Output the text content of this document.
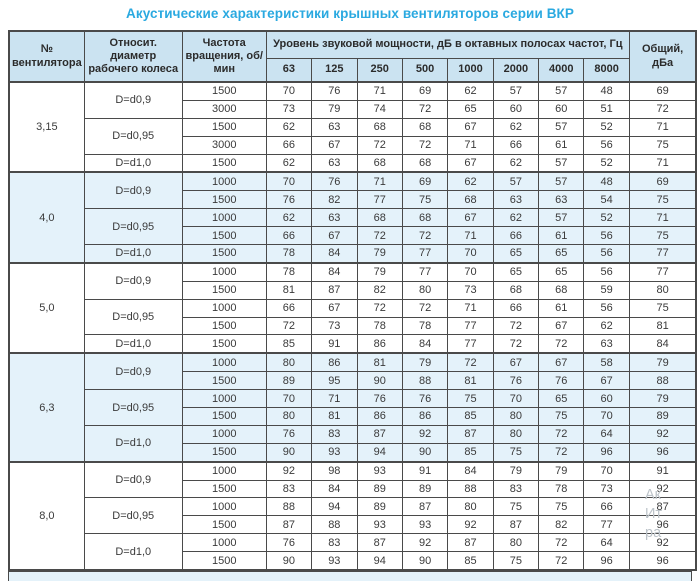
Акустические характеристики крышных вентиляторов серии ВКР
№ вентилятора	Относит. диаметр рабочего колеса	Частота вращения, об/мин	Уровень звуковой мощности, дБ в октавных полосах частот, Гц								Общий, дБа
			63	125	250	500	1000	2000	4000	8000	
3,15	D=d0,9	1500	70	76	71	69	62	57	57	48	69
		3000	73	79	74	72	65	60	60	51	72
	D=d0,95	1500	62	63	68	68	67	62	57	52	71
		3000	66	67	72	72	71	66	61	56	75
	D=d1,0	1500	62	63	68	68	67	62	57	52	71
4,0	D=d0,9	1000	70	76	71	69	62	57	57	48	69
		1500	76	82	77	75	68	63	63	54	75
	D=d0,95	1000	62	63	68	68	67	62	57	52	71
		1500	66	67	72	72	71	66	61	56	75
	D=d1,0	1500	78	84	79	77	70	65	65	56	77
5,0	D=d0,9	1000	78	84	79	77	70	65	65	56	77
		1500	81	87	82	80	73	68	68	59	80
	D=d0,95	1000	66	67	72	72	71	66	61	56	75
		1500	72	73	78	78	77	72	67	62	81
	D=d1,0	1500	85	91	86	84	77	72	72	63	84
6,3	D=d0,9	1000	80	86	81	79	72	67	67	58	79
		1500	89	95	90	88	81	76	76	67	88
	D=d0,95	1000	70	71	76	76	75	70	65	60	79
		1500	80	81	86	86	85	80	75	70	89
	D=d1,0	1000	76	83	87	92	87	80	72	64	92
		1500	90	93	94	90	85	75	72	96	96
8,0	D=d0,9	1000	92	98	93	91	84	79	79	70	91
		1500	83	84	89	89	88	83	78	73	92
	D=d0,95	1000	88	94	89	87	80	75	75	66	87
		1500	87	88	93	93	92	87	82	77	96
	D=d1,0	1000	76	83	87	92	87	80	72	64	92
		1500	90	93	94	90	85	75	72	96	96
Ак
Ит
ра
